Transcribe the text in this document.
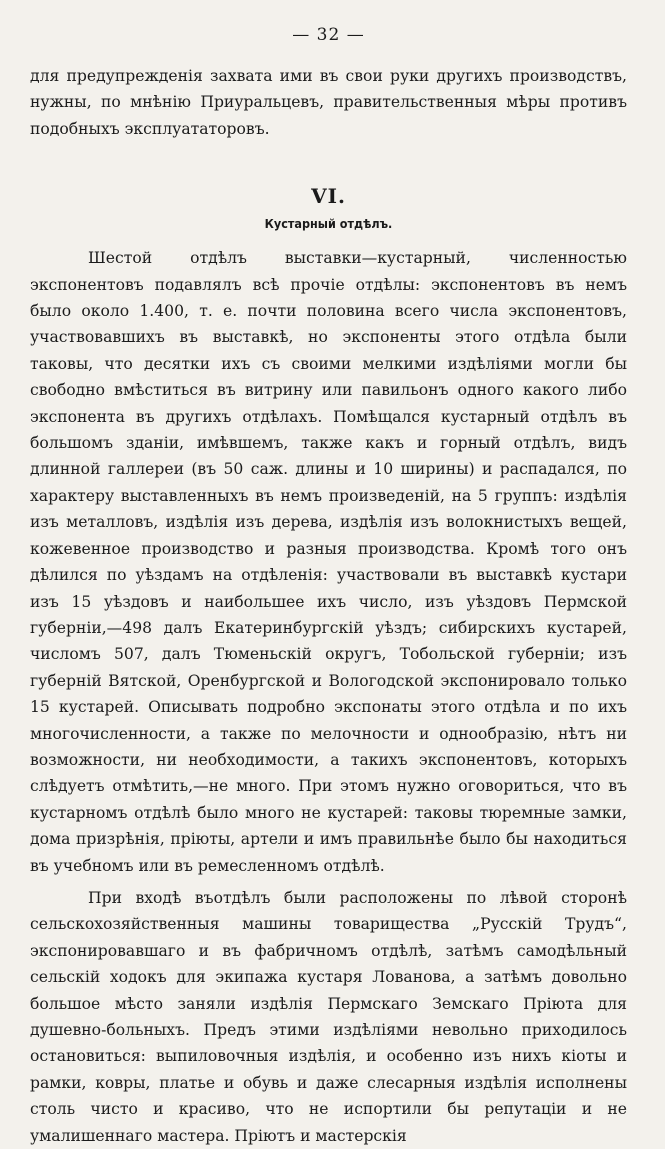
— 32 —

для предупрежденія захвата ими въ свои руки другихъ производствъ, нужны, по мнѣнію Приуральцевъ, правительственныя мѣры противъ подобныхъ эксплуататоровъ.

VI.
Кустарный отдѣлъ.

Шестой отдѣлъ выставки—кустарный, численностью экспонентовъ подавлялъ всѣ прочіе отдѣлы: экспонентовъ въ немъ было около 1.400, т. е. почти половина всего числа экспонентовъ, участвовавшихъ въ выставкѣ, но экспоненты этого отдѣла были таковы, что десятки ихъ съ своими мелкими издѣліями могли бы свободно вмѣститься въ витрину или павильонъ одного какого либо экспонента въ другихъ отдѣлахъ. Помѣщался кустарный отдѣлъ въ большомъ зданіи, имѣвшемъ, также какъ и горный отдѣлъ, видъ длинной галлереи (въ 50 саж. длины и 10 ширины) и распадался, по характеру выставленныхъ въ немъ произведеній, на 5 группъ: издѣлія изъ металловъ, издѣлія изъ дерева, издѣлія изъ волокнистыхъ вещей, кожевенное производство и разныя производства. Кромѣ того онъ дѣлился по уѣздамъ на отдѣленія: участвовали въ выставкѣ кустари изъ 15 уѣздовъ и наибольшее ихъ число, изъ уѣздовъ Пермской губерніи,—498 далъ Екатеринбургскій уѣздъ; сибирскихъ кустарей, числомъ 507, далъ Тюменьскій округъ, Тобольской губерніи; изъ губерній Вятской, Оренбургской и Вологодской экспонировало только 15 кустарей. Описывать подробно экспонаты этого отдѣла и по ихъ многочисленности, а также по мелочности и однообразію, нѣтъ ни возможности, ни необходимости, а такихъ экспонентовъ, которыхъ слѣдуетъ отмѣтить,—не много. При этомъ нужно оговориться, что въ кустарномъ отдѣлѣ было много не кустарей: таковы тюремные замки, дома призрѣнія, пріюты, артели и имъ правильнѣе было бы находиться въ учебномъ или въ ремесленномъ отдѣлѣ.

При входѣ въотдѣлъ были расположены по лѣвой сторонѣ сельскохозяйственныя машины товарищества „Русскій Трудъ“, экспонировавшаго и въ фабричномъ отдѣлѣ, затѣмъ самодѣльный сельскій ходокъ для экипажа кустаря Лованова, а затѣмъ довольно большое мѣсто заняли издѣлія Пермскаго Земскаго Пріюта для душевно-больныхъ. Предъ этими издѣліями невольно приходилось остановиться: выпиловочныя издѣлія, и особенно изъ нихъ кіоты и рамки, ковры, платье и обувь и даже слесарныя издѣлія исполнены столь чисто и красиво, что не испортили бы репутаціи и не умалишеннаго мастера. Пріютъ и мастерскія
